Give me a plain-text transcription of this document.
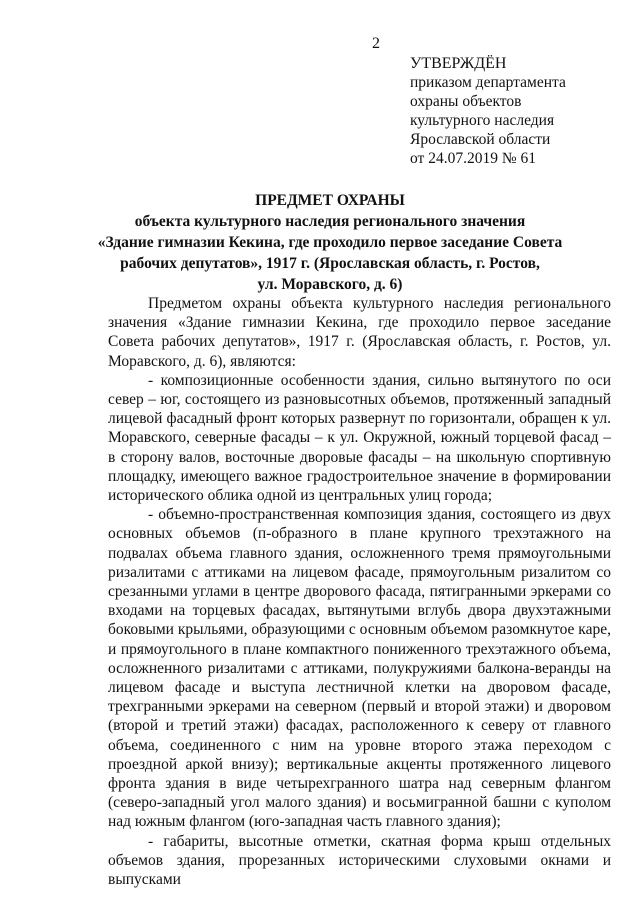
2
УТВЕРЖДЁН
приказом департамента
охраны объектов
культурного наследия
Ярославской области
от 24.07.2019 № 61
ПРЕДМЕТ ОХРАНЫ
объекта культурного наследия регионального значения
«Здание гимназии Кекина, где проходило первое заседание Совета
рабочих депутатов», 1917 г. (Ярославская область, г. Ростов,
ул. Моравского, д. 6)

Предметом охраны объекта культурного наследия регионального значения «Здание гимназии Кекина, где проходило первое заседание Совета рабочих депутатов», 1917 г. (Ярославская область, г. Ростов, ул. Моравского, д. 6), являются:

- композиционные особенности здания, сильно вытянутого по оси север – юг, состоящего из разновысотных объемов, протяженный западный лицевой фасадный фронт которых развернут по горизонтали, обращен к ул. Моравского, северные фасады – к ул. Окружной, южный торцевой фасад – в сторону валов, восточные дворовые фасады – на школьную спортивную площадку, имеющего важное градостроительное значение в формировании исторического облика одной из центральных улиц города;

- объемно-пространственная композиция здания, состоящего из двух основных объемов (п-образного в плане крупного трехэтажного на подвалах объема главного здания, осложненного тремя прямоугольными ризалитами с аттиками на лицевом фасаде, прямоугольным ризалитом со срезанными углами в центре дворового фасада, пятигранными эркерами со входами на торцевых фасадах, вытянутыми вглубь двора двухэтажными боковыми крыльями, образующими с основным объемом разомкнутое каре, и прямоугольного в плане компактного пониженного трехэтажного объема, осложненного ризалитами с аттиками, полукружиями балкона-веранды на лицевом фасаде и выступа лестничной клетки на дворовом фасаде, трехгранными эркерами на северном (первый и второй этажи) и дворовом (второй и третий этажи) фасадах, расположенного к северу от главного объема, соединенного с ним на уровне второго этажа переходом с проездной аркой внизу); вертикальные акценты протяженного лицевого фронта здания в виде четырехгранного шатра над северным флангом (северо-западный угол малого здания) и восьмигранной башни с куполом над южным флангом (юго-западная часть главного здания);

- габариты, высотные отметки, скатная форма крыш отдельных объемов здания, прорезанных историческими слуховыми окнами и выпусками
